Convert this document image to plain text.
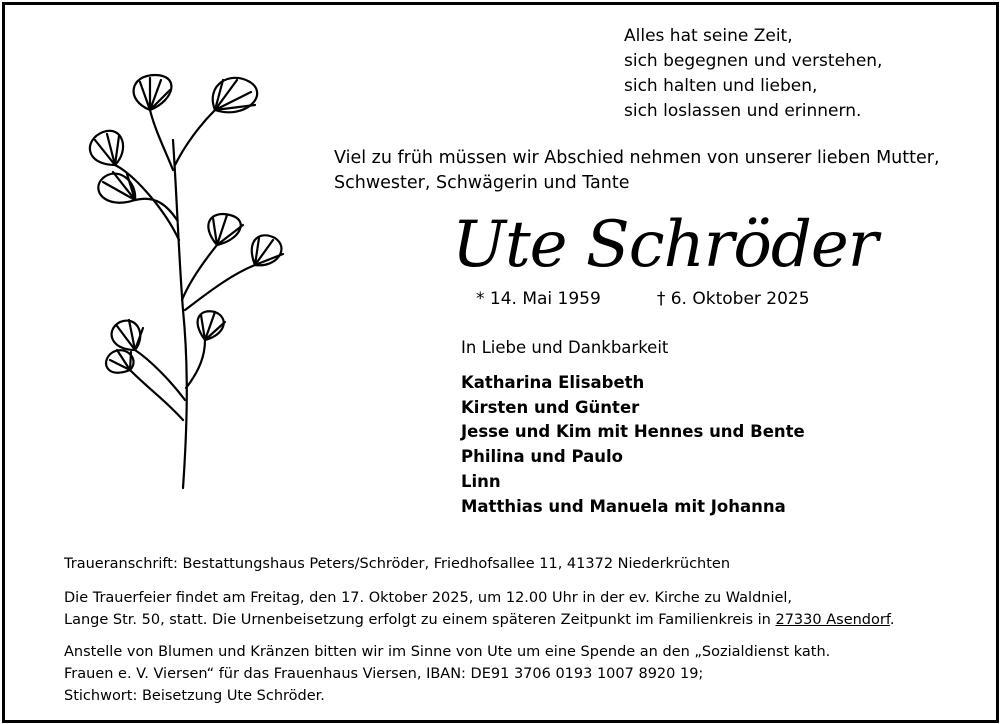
Alles hat seine Zeit,
sich begegnen und verstehen,
sich halten und lieben,
sich loslassen und erinnern.
Viel zu früh müssen wir Abschied nehmen von unserer lieben Mutter,
Schwester, Schwägerin und Tante
Ute Schröder
* 14. Mai 1959	† 6. Oktober 2025
In Liebe und Dankbarkeit
Katharina Elisabeth
Kirsten und Günter
Jesse und Kim mit Hennes und Bente
Philina und Paulo
Linn
Matthias und Manuela mit Johanna
Traueranschrift: Bestattungshaus Peters/Schröder, Friedhofsallee 11, 41372 Niederkrüchten
Die Trauerfeier findet am Freitag, den 17. Oktober 2025, um 12.00 Uhr in der ev. Kirche zu Waldniel,
Lange Str. 50, statt. Die Urnenbeisetzung erfolgt zu einem späteren Zeitpunkt im Familienkreis in 27330 Asendorf.
Anstelle von Blumen und Kränzen bitten wir im Sinne von Ute um eine Spende an den „Sozialdienst kath.
Frauen e. V. Viersen“ für das Frauenhaus Viersen, IBAN: DE91 3706 0193 1007 8920 19;
Stichwort: Beisetzung Ute Schröder.
